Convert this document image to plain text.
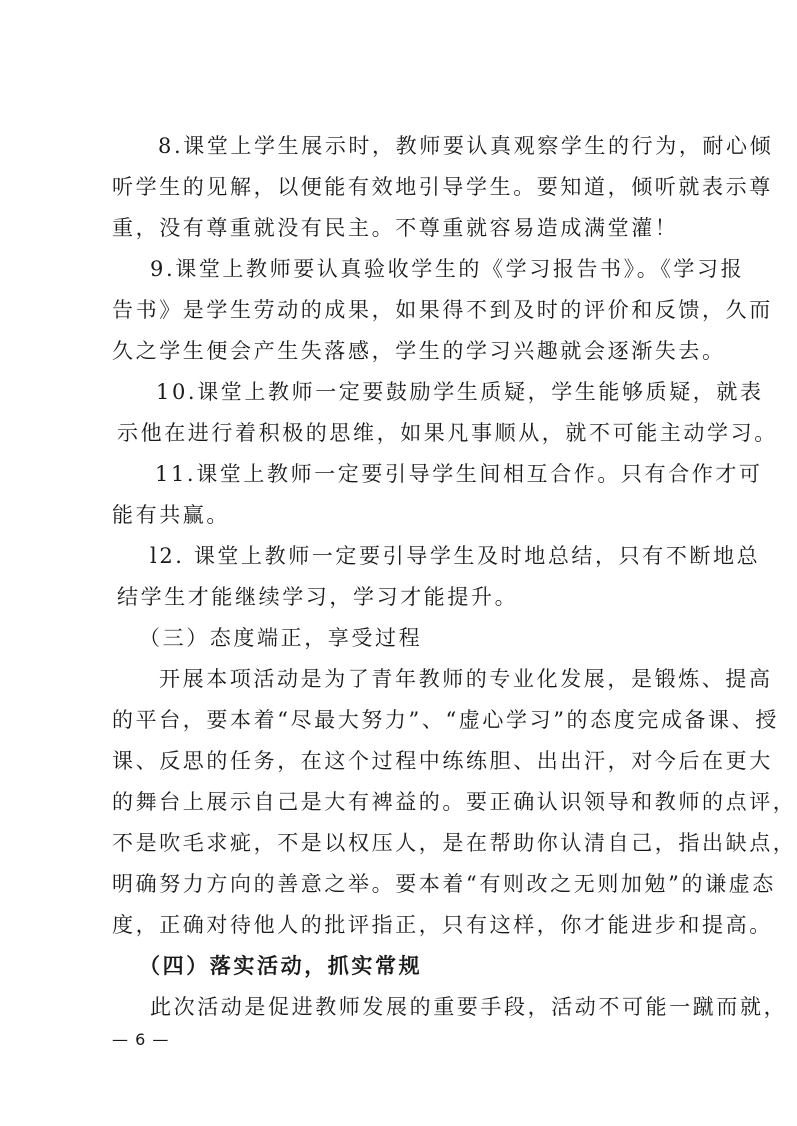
8.课堂上学生展示时，教师要认真观察学生的行为，耐心倾
听学生的见解，以便能有效地引导学生。要知道，倾听就表示尊
重，没有尊重就没有民主。不尊重就容易造成满堂灌！
9.课堂上教师要认真验收学生的《学习报告书》。《学习报
告书》是学生劳动的成果，如果得不到及时的评价和反馈，久而
久之学生便会产生失落感，学生的学习兴趣就会逐渐失去。
10.课堂上教师一定要鼓励学生质疑，学生能够质疑，就表
示他在进行着积极的思维，如果凡事顺从，就不可能主动学习。
11.课堂上教师一定要引导学生间相互合作。只有合作才可
能有共赢。
l2. 课堂上教师一定要引导学生及时地总结，只有不断地总
结学生才能继续学习，学习才能提升。
（三）态度端正，享受过程
开展本项活动是为了青年教师的专业化发展，是锻炼、提高
的平台，要本着“尽最大努力”、“虚心学习”的态度完成备课、授
课、反思的任务，在这个过程中练练胆、出出汗，对今后在更大
的舞台上展示自己是大有裨益的。要正确认识领导和教师的点评，
不是吹毛求疵，不是以权压人，是在帮助你认清自己，指出缺点，
明确努力方向的善意之举。要本着“有则改之无则加勉”的谦虚态
度，正确对待他人的批评指正，只有这样，你才能进步和提高。
（四）落实活动，抓实常规
此次活动是促进教师发展的重要手段，活动不可能一蹴而就，
— 6 —
